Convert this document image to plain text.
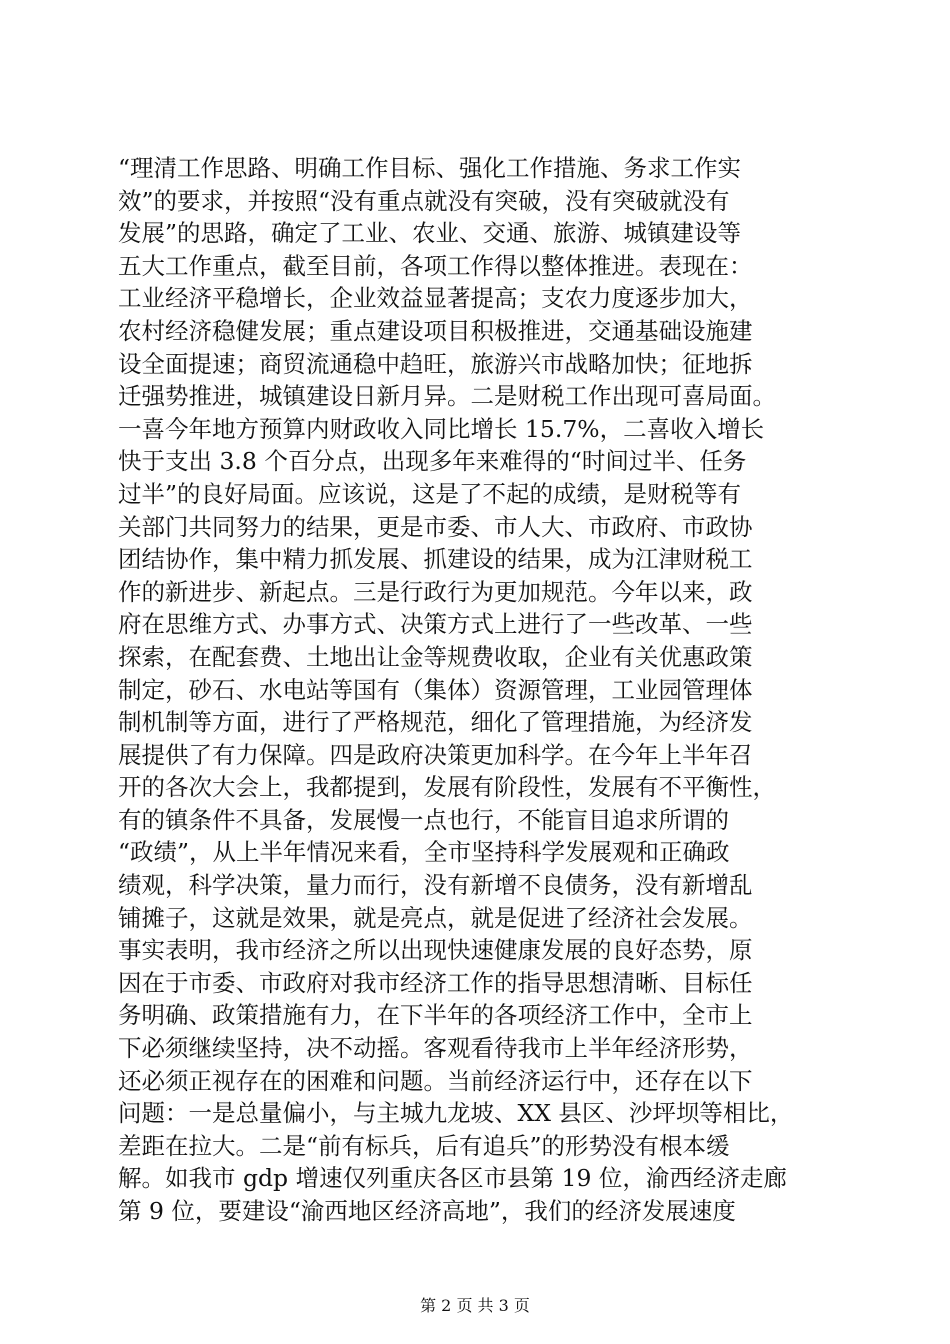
“理清工作思路、明确工作目标、强化工作措施、务求工作实
效”的要求，并按照“没有重点就没有突破，没有突破就没有
发展”的思路，确定了工业、农业、交通、旅游、城镇建设等
五大工作重点，截至目前，各项工作得以整体推进。表现在：
工业经济平稳增长，企业效益显著提高；支农力度逐步加大，
农村经济稳健发展；重点建设项目积极推进，交通基础设施建
设全面提速；商贸流通稳中趋旺，旅游兴市战略加快；征地拆
迁强势推进，城镇建设日新月异。二是财税工作出现可喜局面。
一喜今年地方预算内财政收入同比增长 15.7%，二喜收入增长
快于支出 3.8 个百分点，出现多年来难得的“时间过半、任务
过半”的良好局面。应该说，这是了不起的成绩，是财税等有
关部门共同努力的结果，更是市委、市人大、市政府、市政协
团结协作，集中精力抓发展、抓建设的结果，成为江津财税工
作的新进步、新起点。三是行政行为更加规范。今年以来，政
府在思维方式、办事方式、决策方式上进行了一些改革、一些
探索，在配套费、土地出让金等规费收取，企业有关优惠政策
制定，砂石、水电站等国有（集体）资源管理，工业园管理体
制机制等方面，进行了严格规范，细化了管理措施，为经济发
展提供了有力保障。四是政府决策更加科学。在今年上半年召
开的各次大会上，我都提到，发展有阶段性，发展有不平衡性，
有的镇条件不具备，发展慢一点也行，不能盲目追求所谓的
“政绩”，从上半年情况来看，全市坚持科学发展观和正确政
绩观，科学决策，量力而行，没有新增不良债务，没有新增乱
铺摊子，这就是效果，就是亮点，就是促进了经济社会发展。
事实表明，我市经济之所以出现快速健康发展的良好态势，原
因在于市委、市政府对我市经济工作的指导思想清晰、目标任
务明确、政策措施有力，在下半年的各项经济工作中，全市上
下必须继续坚持，决不动摇。客观看待我市上半年经济形势，
还必须正视存在的困难和问题。当前经济运行中，还存在以下
问题：一是总量偏小，与主城九龙坡、XX 县区、沙坪坝等相比，
差距在拉大。二是“前有标兵，后有追兵”的形势没有根本缓
解。如我市 gdp 增速仅列重庆各区市县第 19 位，渝西经济走廊
第 9 位，要建设“渝西地区经济高地”，我们的经济发展速度
第 2 页 共 3 页
